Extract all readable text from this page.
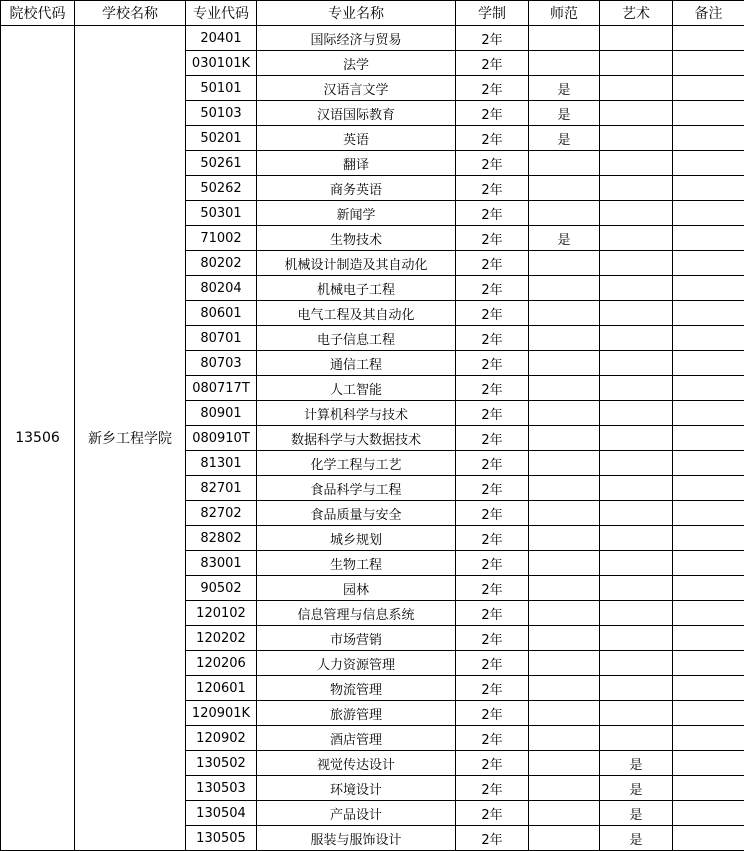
院校代码	学校名称	专业代码	专业名称	学制	师范	艺术	备注
13506	新乡工程学院	20401	国际经济与贸易	2年			
		030101K	法学	2年			
		50101	汉语言文学	2年	是		
		50103	汉语国际教育	2年	是		
		50201	英语	2年	是		
		50261	翻译	2年			
		50262	商务英语	2年			
		50301	新闻学	2年			
		71002	生物技术	2年	是		
		80202	机械设计制造及其自动化	2年			
		80204	机械电子工程	2年			
		80601	电气工程及其自动化	2年			
		80701	电子信息工程	2年			
		80703	通信工程	2年			
		080717T	人工智能	2年			
		80901	计算机科学与技术	2年			
		080910T	数据科学与大数据技术	2年			
		81301	化学工程与工艺	2年			
		82701	食品科学与工程	2年			
		82702	食品质量与安全	2年			
		82802	城乡规划	2年			
		83001	生物工程	2年			
		90502	园林	2年			
		120102	信息管理与信息系统	2年			
		120202	市场营销	2年			
		120206	人力资源管理	2年			
		120601	物流管理	2年			
		120901K	旅游管理	2年			
		120902	酒店管理	2年			
		130502	视觉传达设计	2年		是	
		130503	环境设计	2年		是	
		130504	产品设计	2年		是	
		130505	服装与服饰设计	2年		是	
